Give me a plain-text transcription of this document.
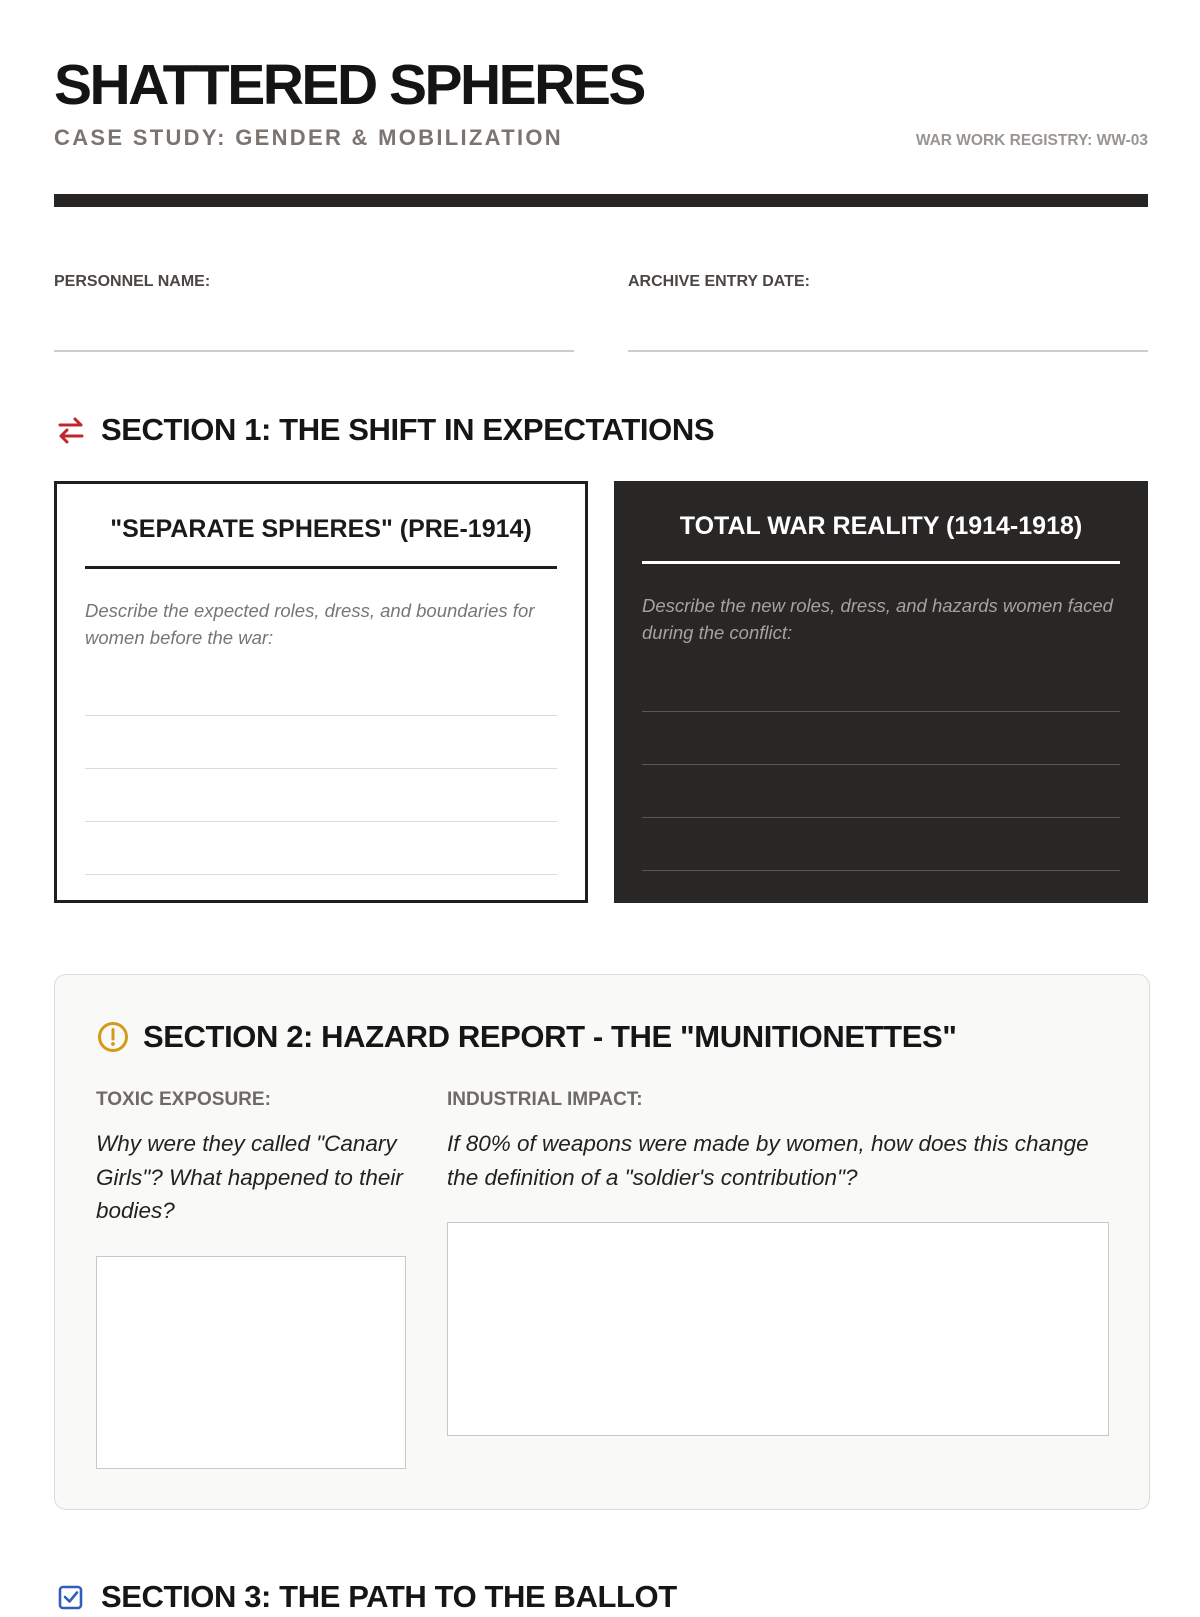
SHATTERED SPHERES
CASE STUDY: GENDER & MOBILIZATION	WAR WORK REGISTRY: WW-03
PERSONNEL NAME:	ARCHIVE ENTRY DATE:
SECTION 1: THE SHIFT IN EXPECTATIONS
"SEPARATE SPHERES" (PRE-1914)
Describe the expected roles, dress, and boundaries for women before the war:
TOTAL WAR REALITY (1914-1918)
Describe the new roles, dress, and hazards women faced during the conflict:
SECTION 2: HAZARD REPORT - THE "MUNITIONETTES"
TOXIC EXPOSURE:
Why were they called "Canary Girls"? What happened to their bodies?
INDUSTRIAL IMPACT:
If 80% of weapons were made by women, how does this change the definition of a "soldier's contribution"?
SECTION 3: THE PATH TO THE BALLOT
